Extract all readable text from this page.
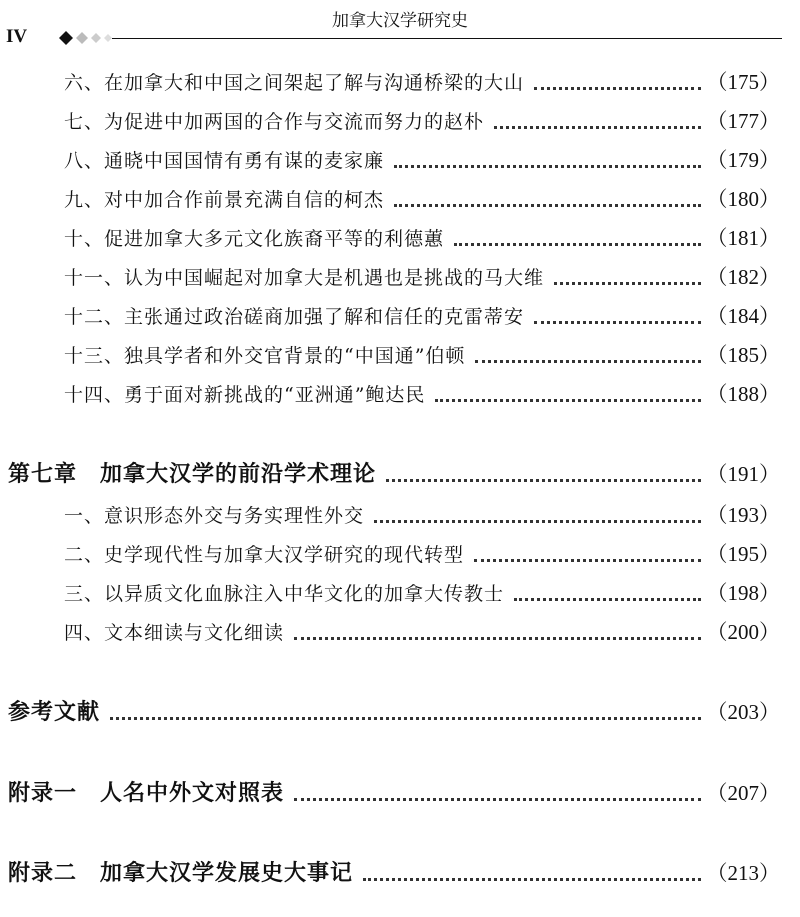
加拿大汉学研究史
IV
六、在加拿大和中国之间架起了解与沟通桥梁的大山	（175）
七、为促进中加两国的合作与交流而努力的赵朴	（177）
八、通晓中国国情有勇有谋的麦家廉	（179）
九、对中加合作前景充满自信的柯杰	（180）
十、促进加拿大多元文化族裔平等的利德蕙	（181）
十一、认为中国崛起对加拿大是机遇也是挑战的马大维	（182）
十二、主张通过政治磋商加强了解和信任的克雷蒂安	（184）
十三、独具学者和外交官背景的“中国通”伯顿	（185）
十四、勇于面对新挑战的“亚洲通”鲍达民	（188）
第七章　加拿大汉学的前沿学术理论	（191）
一、意识形态外交与务实理性外交	（193）
二、史学现代性与加拿大汉学研究的现代转型	（195）
三、以异质文化血脉注入中华文化的加拿大传教士	（198）
四、文本细读与文化细读	（200）
参考文献	（203）
附录一　人名中外文对照表	（207）
附录二　加拿大汉学发展史大事记	（213）
